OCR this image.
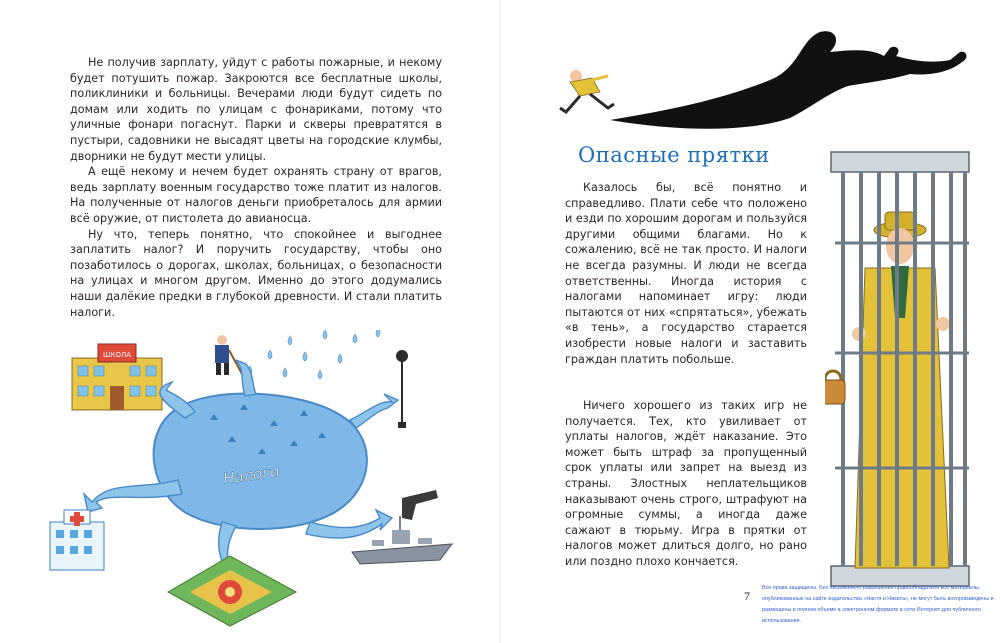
Не получив зарплату, уйдут с работы пожарные, и некому будет потушить пожар. Закроются все бесплатные школы, поликлиники и больницы. Вечерами люди будут сидеть по домам или ходить по улицам с фонариками, потому что уличные фонари погаснут. Парки и скверы превратятся в пустыри, садовники не высадят цветы на городские клумбы, дворники не будут мести улицы.

А ещё некому и нечем будет охранять страну от врагов, ведь зарплату военным государство тоже платит из налогов. На полученные от налогов деньги приобреталось для армии всё оружие, от пистолета до авианосца.

Ну что, теперь понятно, что спокойнее и выгоднее заплатить налог? И поручить государству, чтобы оно позаботилось о дорогах, школах, больницах, о безопасности на улицах и многом другом. Именно до этого додумались наши далёкие предки в глубокой древности. И стали платить налоги.

ШКОЛА
Налоги
Опасные прятки

Казалось бы, всё понятно и справедливо. Плати себе что положено и езди по хорошим дорогам и пользуйся другими общими благами. Но к сожалению, всё не так просто. И налоги не всегда разумны. И люди не всегда ответственны. Иногда история с налогами напоминает игру: люди пытаются от них «спрятаться», убежать «в тень», а государство старается изобрести новые налоги и заставить граждан платить побольше.

Ничего хорошего из таких игр не получается. Тех, кто увиливает от уплаты налогов, ждёт наказание. Это может быть штраф за пропущенный срок уплаты или запрет на выезд из страны. Злостных неплательщиков наказывают очень строго, штрафуют на огромные суммы, а иногда даже сажают в тюрьму. Игра в прятки от налогов может длиться долго, но рано или поздно плохо кончается.

7
Все права защищены. Без письменного разрешения правообладателя все материалы, опубликованные на сайте издательства «Настя и Никита», не могут быть воспроизведены и размещены в полном объеме в электронном формате в сети Интернет для публичного использования.
